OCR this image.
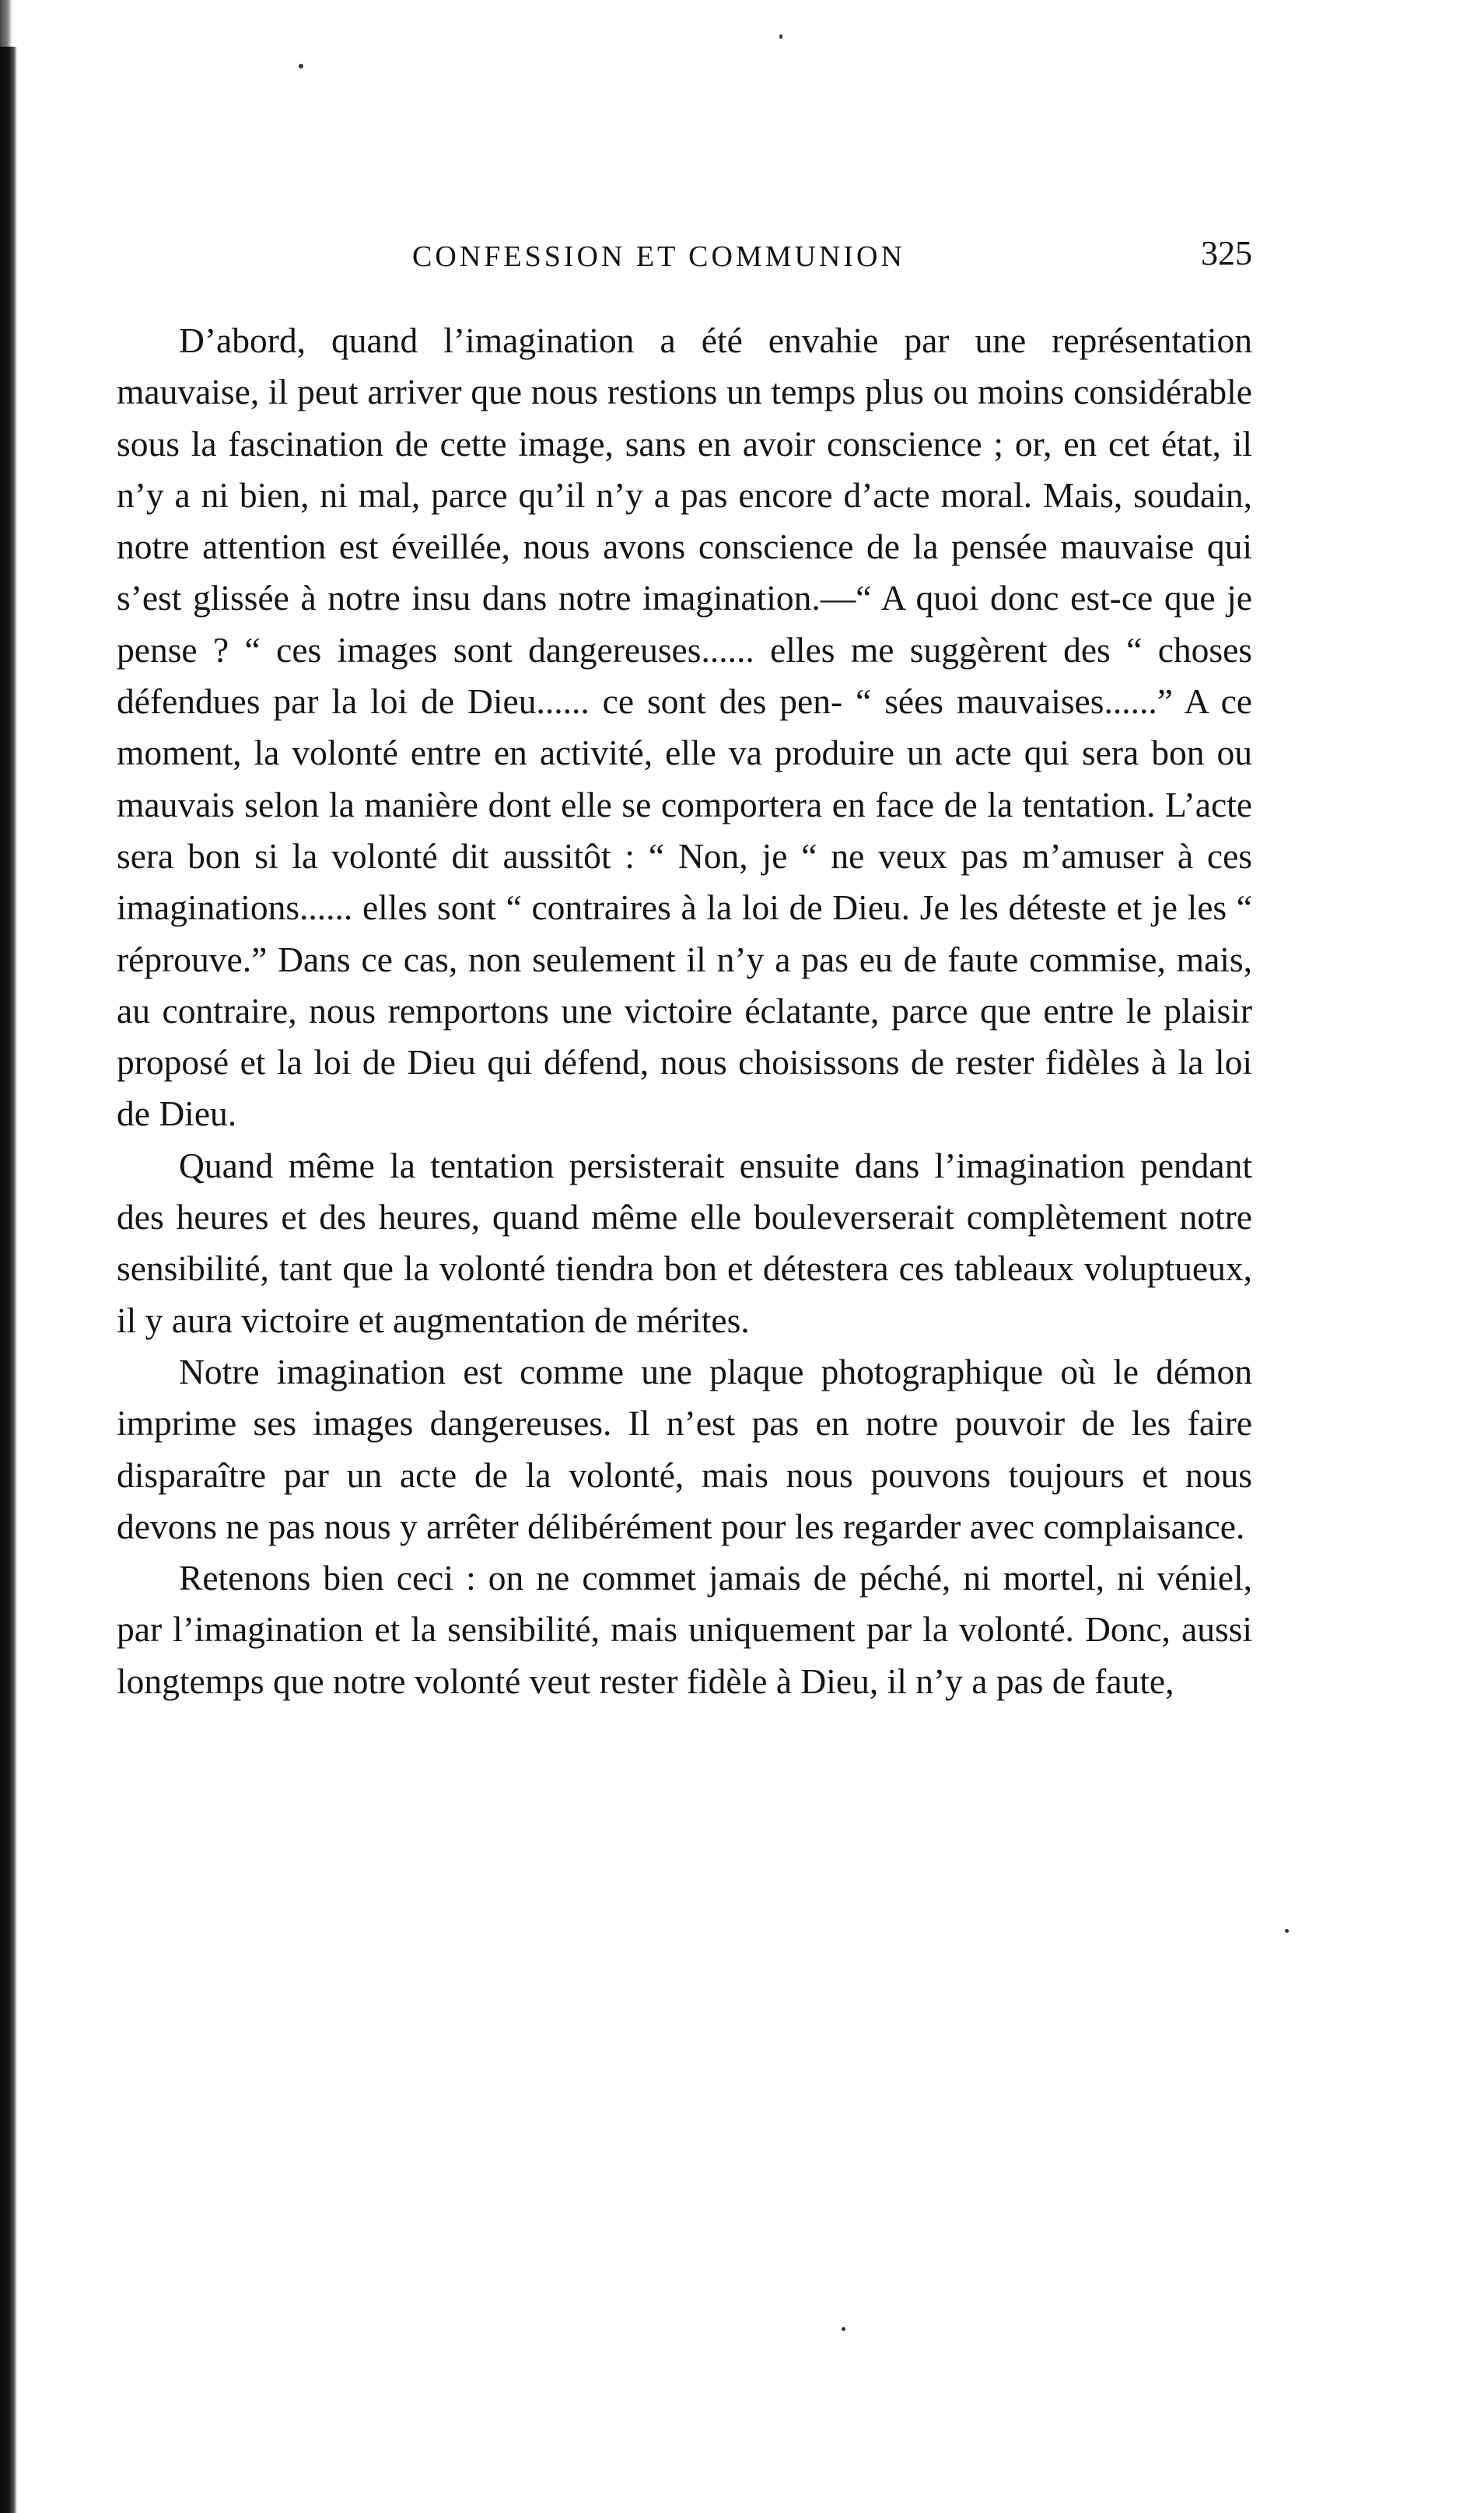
CONFESSION ET COMMUNION	325

D’abord, quand l’imagination a été envahie par une représentation mauvaise, il peut arriver que nous restions un temps plus ou moins considérable sous la fascination de cette image, sans en avoir conscience ; or, en cet état, il n’y a ni bien, ni mal, parce qu’il n’y a pas encore d’acte moral. Mais, soudain, notre attention est éveillée, nous avons conscience de la pensée mauvaise qui s’est glissée à notre insu dans notre imagination.—“ A quoi donc est-ce que je pense ? “ ces images sont dangereuses...... elles me suggèrent des “ choses défendues par la loi de Dieu...... ce sont des pen- “ sées mauvaises......” A ce moment, la volonté entre en activité, elle va produire un acte qui sera bon ou mauvais selon la manière dont elle se comportera en face de la tentation. L’acte sera bon si la volonté dit aussitôt : “ Non, je “ ne veux pas m’amuser à ces imaginations...... elles sont “ contraires à la loi de Dieu. Je les déteste et je les “ réprouve.” Dans ce cas, non seulement il n’y a pas eu de faute commise, mais, au contraire, nous remportons une victoire éclatante, parce que entre le plaisir proposé et la loi de Dieu qui défend, nous choisissons de rester fidèles à la loi de Dieu.

Quand même la tentation persisterait ensuite dans l’imagination pendant des heures et des heures, quand même elle bouleverserait complètement notre sensibilité, tant que la volonté tiendra bon et détestera ces tableaux voluptueux, il y aura victoire et augmentation de mérites.

Notre imagination est comme une plaque photographique où le démon imprime ses images dangereuses. Il n’est pas en notre pouvoir de les faire disparaître par un acte de la volonté, mais nous pouvons toujours et nous devons ne pas nous y arrêter délibérément pour les regarder avec complaisance.

Retenons bien ceci : on ne commet jamais de péché, ni mortel, ni véniel, par l’imagination et la sensibilité, mais uniquement par la volonté. Donc, aussi longtemps que notre volonté veut rester fidèle à Dieu, il n’y a pas de faute,
